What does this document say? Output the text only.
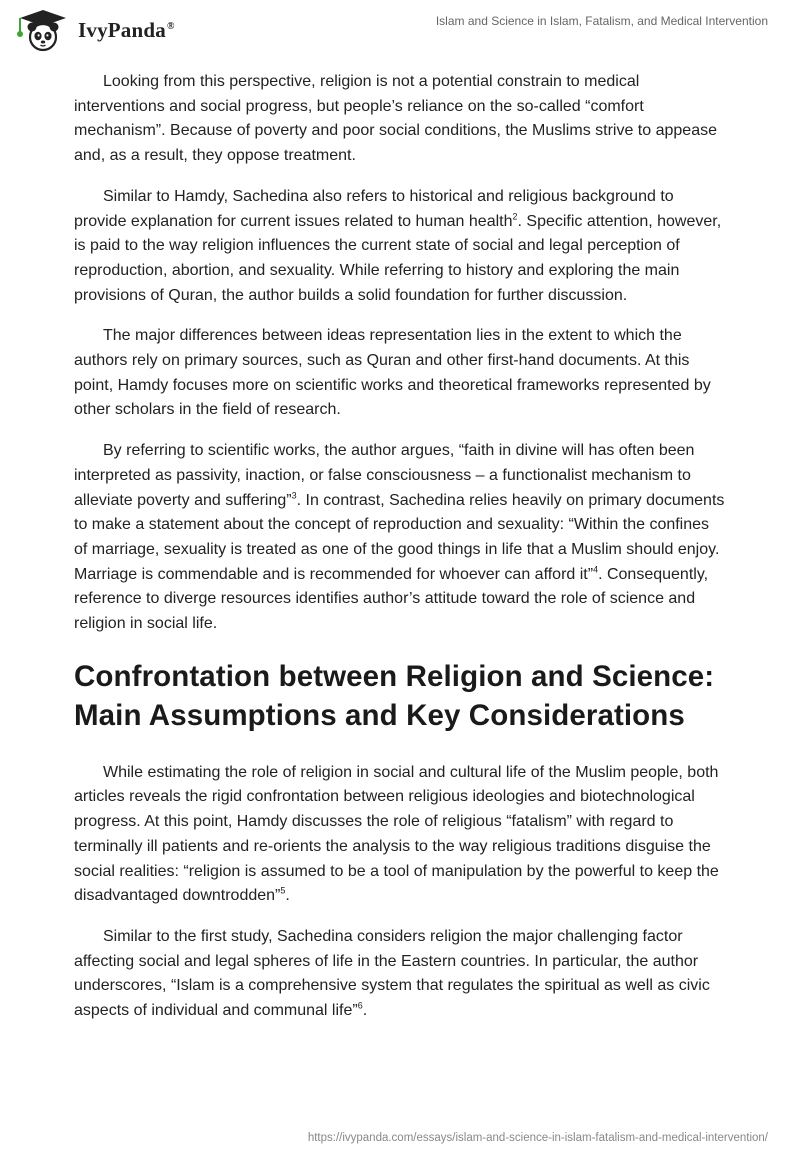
IvyPanda®	Islam and Science in Islam, Fatalism, and Medical Intervention

Looking from this perspective, religion is not a potential constrain to medical interventions and social progress, but people’s reliance on the so-called “comfort mechanism”. Because of poverty and poor social conditions, the Muslims strive to appease and, as a result, they oppose treatment.

Similar to Hamdy, Sachedina also refers to historical and religious background to provide explanation for current issues related to human health$^2$. Specific attention, however, is paid to the way religion influences the current state of social and legal perception of reproduction, abortion, and sexuality. While referring to history and exploring the main provisions of Quran, the author builds a solid foundation for further discussion.

The major differences between ideas representation lies in the extent to which the authors rely on primary sources, such as Quran and other first-hand documents. At this point, Hamdy focuses more on scientific works and theoretical frameworks represented by other scholars in the field of research.

By referring to scientific works, the author argues, “faith in divine will has often been interpreted as passivity, inaction, or false consciousness – a functionalist mechanism to alleviate poverty and suffering”$^3$. In contrast, Sachedina relies heavily on primary documents to make a statement about the concept of reproduction and sexuality: “Within the confines of marriage, sexuality is treated as one of the good things in life that a Muslim should enjoy. Marriage is commendable and is recommended for whoever can afford it”$^4$. Consequently, reference to diverge resources identifies author’s attitude toward the role of science and religion in social life.

Confrontation between Religion and Science: Main Assumptions and Key Considerations

While estimating the role of religion in social and cultural life of the Muslim people, both articles reveals the rigid confrontation between religious ideologies and biotechnological progress. At this point, Hamdy discusses the role of religious “fatalism” with regard to terminally ill patients and re-orients the analysis to the way religious traditions disguise the social realities: “religion is assumed to be a tool of manipulation by the powerful to keep the disadvantaged downtrodden”$^5$.

Similar to the first study, Sachedina considers religion the major challenging factor affecting social and legal spheres of life in the Eastern countries. In particular, the author underscores, “Islam is a comprehensive system that regulates the spiritual as well as civic aspects of individual and communal life”$^6$.

https://ivypanda.com/essays/islam-and-science-in-islam-fatalism-and-medical-intervention/
